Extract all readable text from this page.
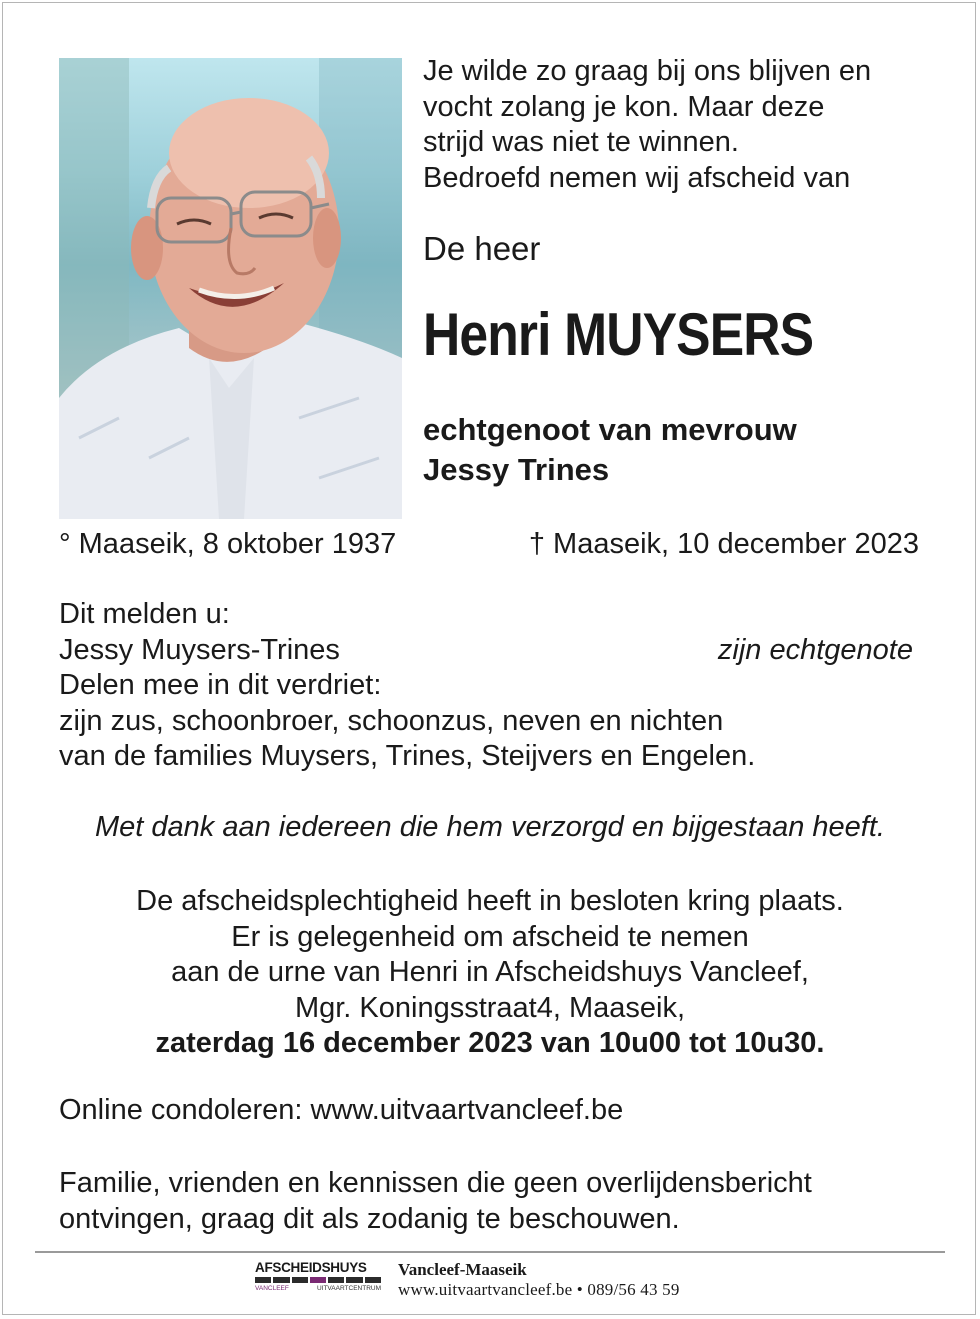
Je wilde zo graag bij ons blijven en
vocht zolang je kon. Maar deze
strijd was niet te winnen.
Bedroefd nemen wij afscheid van

De heer

Henri MUYSERS

echtgenoot van mevrouw
Jessy Trines

° Maaseik, 8 oktober 1937	† Maaseik, 10 december 2023

Dit melden u:
Jessy Muysers-Trines	zijn echtgenote
Delen mee in dit verdriet:
zijn zus, schoonbroer, schoonzus, neven en nichten
van de families Muysers, Trines, Steijvers en Engelen.

Met dank aan iedereen die hem verzorgd en bijgestaan heeft.

De afscheidsplechtigheid heeft in besloten kring plaats.
Er is gelegenheid om afscheid te nemen
aan de urne van Henri in Afscheidshuys Vancleef,
Mgr. Koningsstraat4, Maaseik,
zaterdag 16 december 2023 van 10u00 tot 10u30.

Online condoleren: www.uitvaartvancleef.be

Familie, vrienden en kennissen die geen overlijdensbericht
ontvingen, graag dit als zodanig te beschouwen.
AFSCHEIDSHUYS
VANCLEEF	UITVAARTCENTRUM

Vancleef-Maaseik

www.uitvaartvancleef.be • 089/56 43 59
